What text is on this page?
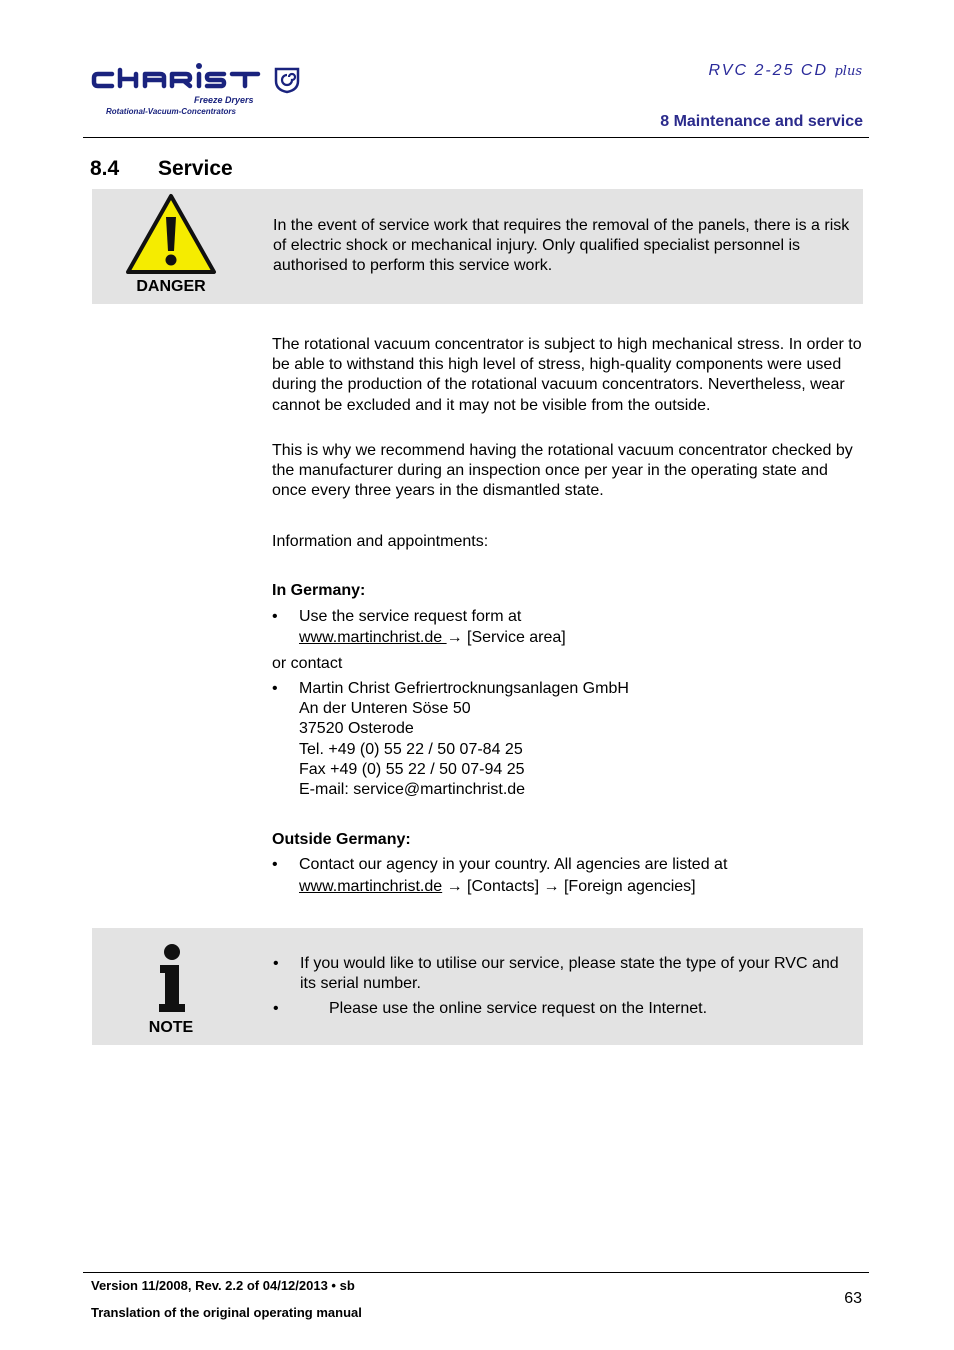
Freeze Dryers
Rotational-Vacuum-Concentrators
RVC 2-25 CD plus
8 Maintenance and service
8.4 Service
DANGER
In the event of service work that requires the removal of the panels, there is a risk of electric shock or mechanical injury. Only qualified specialist personnel is authorised to perform this service work.
The rotational vacuum concentrator is subject to high mechanical stress. In order to be able to withstand this high level of stress, high-quality components were used during the production of the rotational vacuum concentrators. Nevertheless, wear cannot be excluded and it may not be visible from the outside.
This is why we recommend having the rotational vacuum concentrator checked by the manufacturer during an inspection once per year in the operating state and once every three years in the dismantled state.
Information and appointments:
In Germany:
• Use the service request form at
www.martinchrist.de → [Service area]
or contact
• Martin Christ Gefriertrocknungsanlagen GmbH
An der Unteren Söse 50
37520 Osterode
Tel. +49 (0) 55 22 / 50 07-84 25
Fax +49 (0) 55 22 / 50 07-94 25
E-mail: service@martinchrist.de
Outside Germany:
• Contact our agency in your country. All agencies are listed at
www.martinchrist.de → [Contacts] → [Foreign agencies]
NOTE
• If you would like to utilise our service, please state the type of your RVC and its serial number.
•	Please use the online service request on the Internet.
Version 11/2008, Rev. 2.2 of 04/12/2013 • sb
Translation of the original operating manual
63
